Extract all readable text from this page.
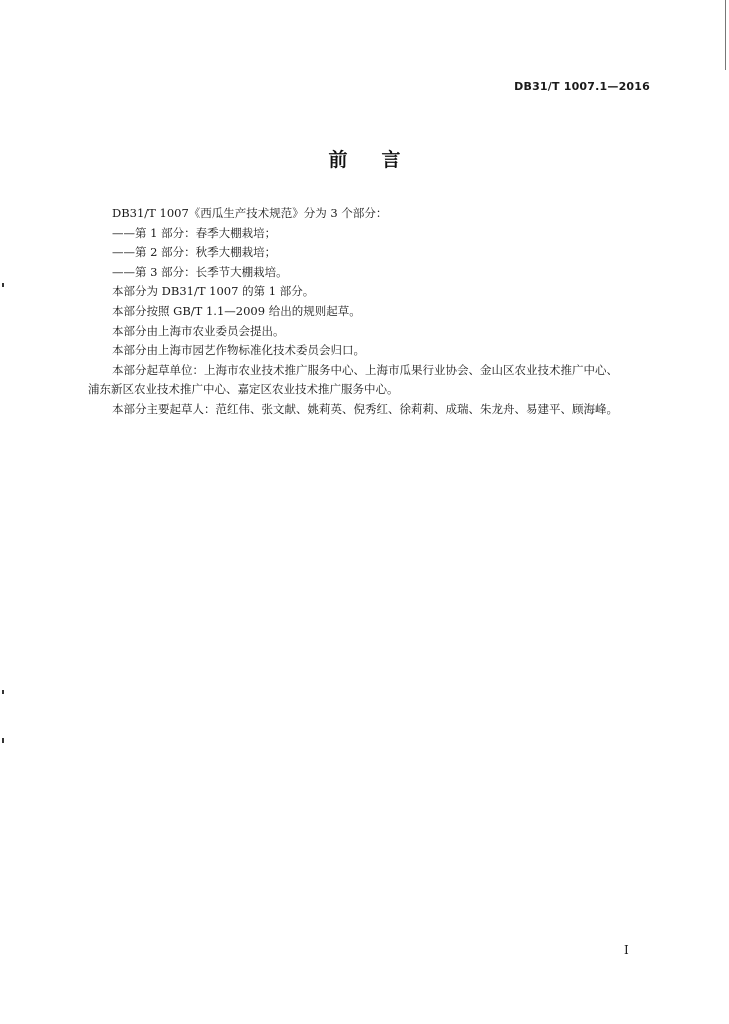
DB31/T 1007.1—2016
前言

DB31/T 1007《西瓜生产技术规范》分为 3 个部分：

——第 1 部分：春季大棚栽培；

——第 2 部分：秋季大棚栽培；

——第 3 部分：长季节大棚栽培。

本部分为 DB31/T 1007 的第 1 部分。

本部分按照 GB/T 1.1—2009 给出的规则起草。

本部分由上海市农业委员会提出。

本部分由上海市园艺作物标准化技术委员会归口。

本部分起草单位：上海市农业技术推广服务中心、上海市瓜果行业协会、金山区农业技术推广中心、

浦东新区农业技术推广中心、嘉定区农业技术推广服务中心。

本部分主要起草人：范红伟、张文献、姚莉英、倪秀红、徐莉莉、成瑞、朱龙舟、易建平、顾海峰。

I
